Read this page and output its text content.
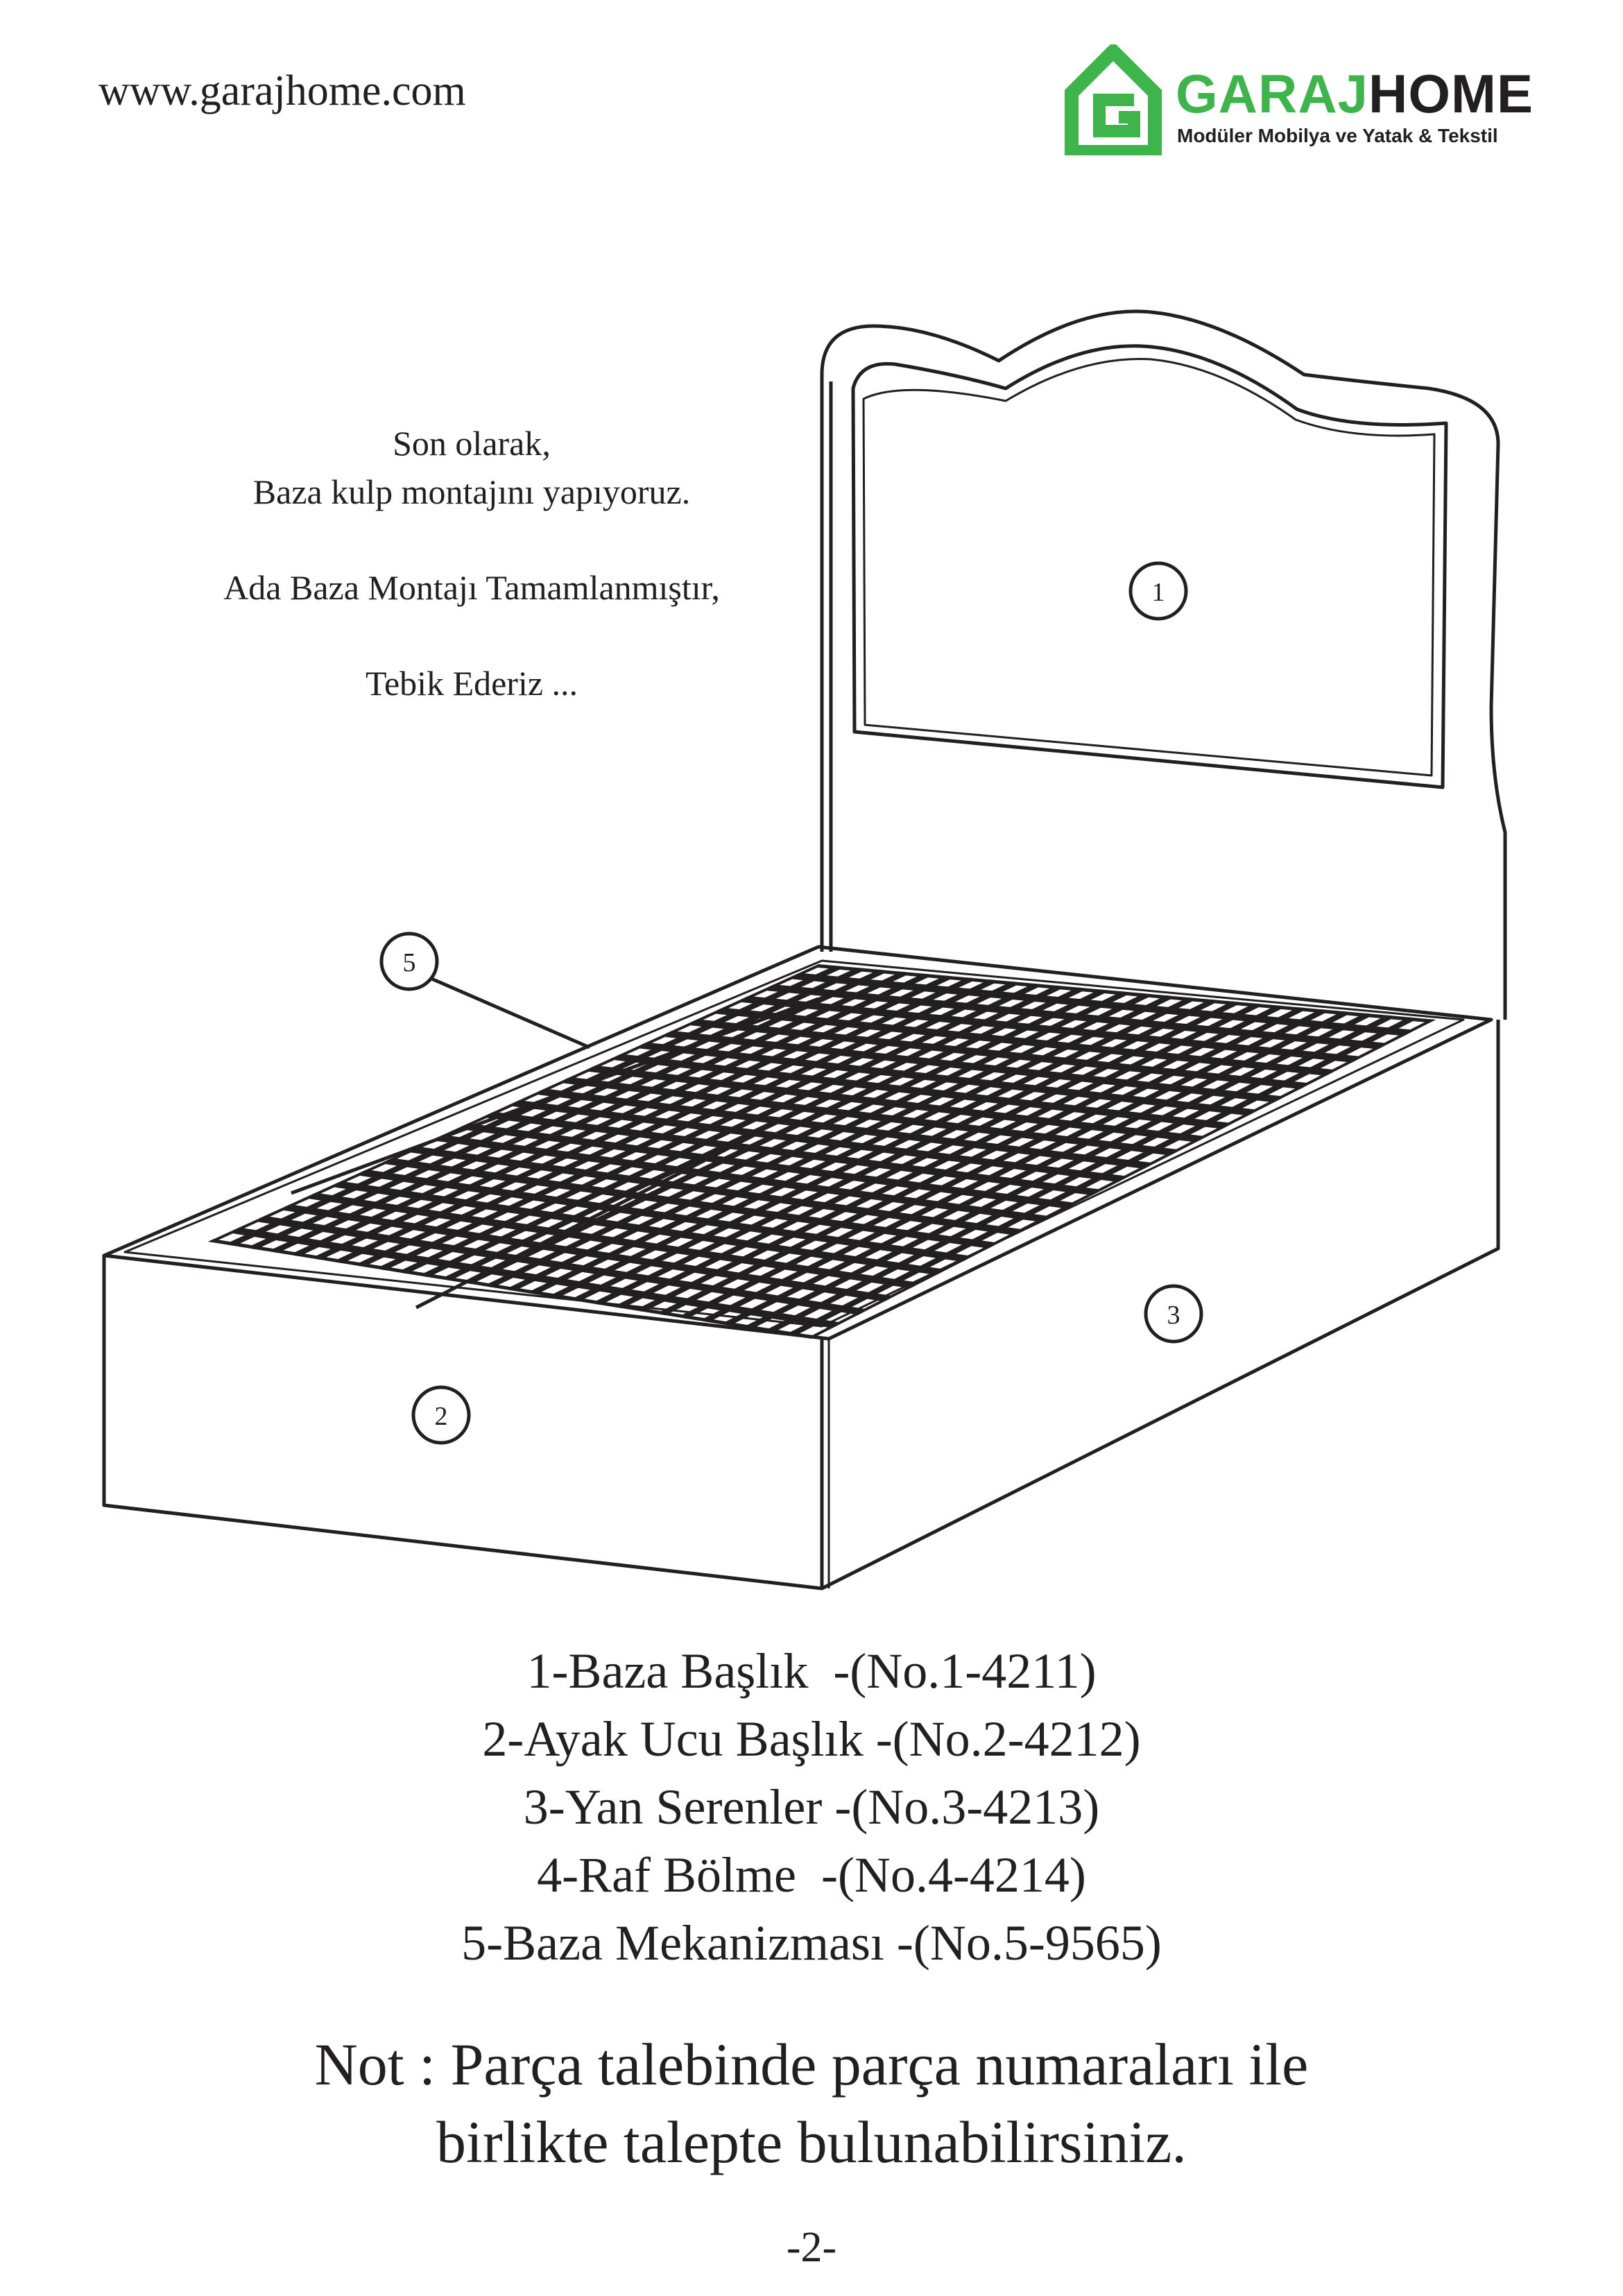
www.garajhome.com	GARAJHOME
Modüler Mobilya ve Yatak & Tekstil

Son olarak,

Baza kulp montajını yapıyoruz.

Ada Baza Montajı Tamamlanmıştır,

Tebik Ederiz ...

1
2
3
5
1-Baza Başlık  -(No.1-4211)
2-Ayak Ucu Başlık -(No.2-4212)
3-Yan Serenler -(No.3-4213)
4-Raf Bölme  -(No.4-4214)
5-Baza Mekanizması -(No.5-9565)
Not : Parça talebinde parça numaraları ile
birlikte talepte bulunabilirsiniz.
-2-
